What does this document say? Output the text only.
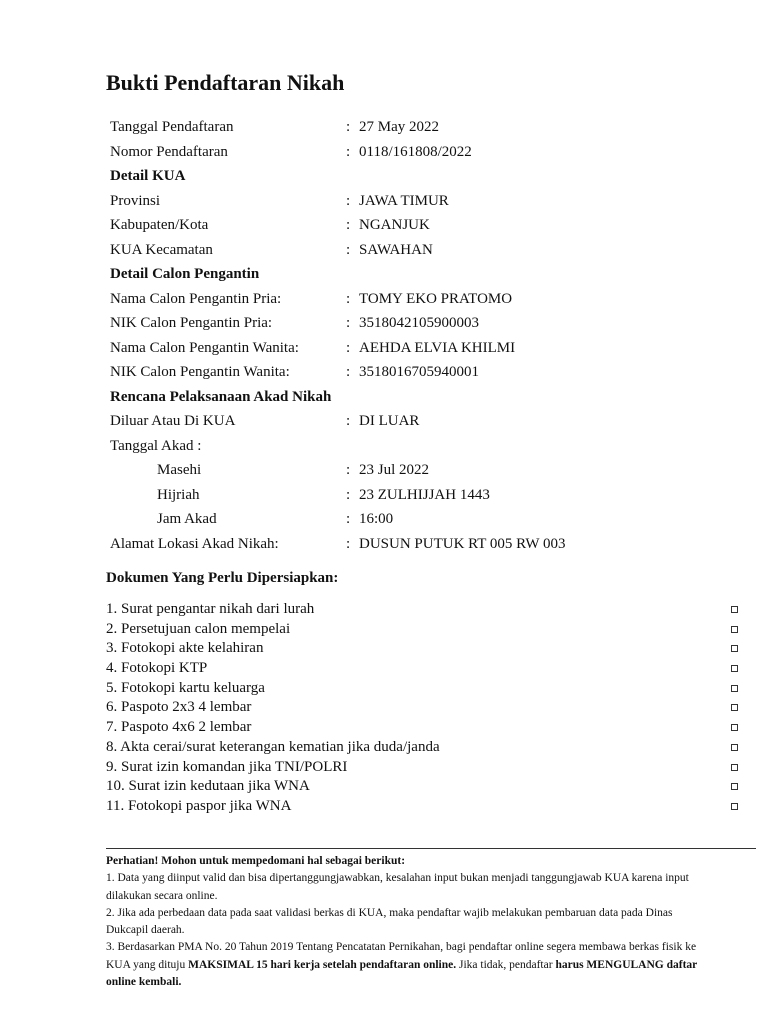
Bukti Pendaftaran Nikah
Tanggal Pendaftaran	: 27 May 2022
Nomor Pendaftaran	: 0118/161808/2022
Detail KUA
Provinsi	: JAWA TIMUR
Kabupaten/Kota	: NGANJUK
KUA Kecamatan	: SAWAHAN
Detail Calon Pengantin
Nama Calon Pengantin Pria:	: TOMY EKO PRATOMO
NIK Calon Pengantin Pria:	: 3518042105900003
Nama Calon Pengantin Wanita:	: AEHDA ELVIA KHILMI
NIK Calon Pengantin Wanita:	: 3518016705940001
Rencana Pelaksanaan Akad Nikah
Diluar Atau Di KUA	: DI LUAR
Tanggal Akad :
Masehi	: 23 Jul 2022
Hijriah	: 23 ZULHIJJAH 1443
Jam Akad	: 16:00
Alamat Lokasi Akad Nikah:	: DUSUN PUTUK RT 005 RW 003
Dokumen Yang Perlu Dipersiapkan:
1. Surat pengantar nikah dari lurah
2. Persetujuan calon mempelai
3. Fotokopi akte kelahiran
4. Fotokopi KTP
5. Fotokopi kartu keluarga
6. Paspoto 2x3 4 lembar
7. Paspoto 4x6 2 lembar
8. Akta cerai/surat keterangan kematian jika duda/janda
9. Surat izin komandan jika TNI/POLRI
10. Surat izin kedutaan jika WNA
11. Fotokopi paspor jika WNA

Perhatian! Mohon untuk mempedomani hal sebagai berikut:

1. Data yang diinput valid dan bisa dipertanggungjawabkan, kesalahan input bukan menjadi tanggungjawab KUA karena input dilakukan secara online.

2. Jika ada perbedaan data pada saat validasi berkas di KUA, maka pendaftar wajib melakukan pembaruan data pada Dinas Dukcapil daerah.

3. Berdasarkan PMA No. 20 Tahun 2019 Tentang Pencatatan Pernikahan, bagi pendaftar online segera membawa berkas fisik ke KUA yang dituju MAKSIMAL 15 hari kerja setelah pendaftaran online. Jika tidak, pendaftar harus MENGULANG daftar online kembali.
